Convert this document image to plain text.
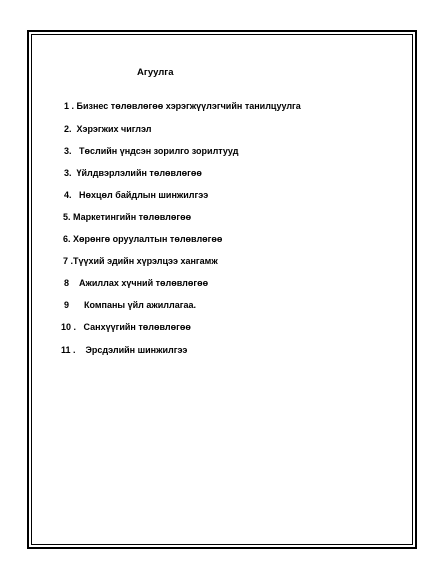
Агуулга
1 . Бизнес төлөвлөгөө хэрэгжүүлэгчийн танилцуулга
2.  Хэрэгжих чиглэл
3.   Төслийн үндсэн зорилго зорилтууд
3.  Үйлдвэрлэлийн төлөвлөгөө
4.   Нөхцөл байдлын шинжилгээ
5. Маркетингийн төлөвлөгөө
6. Хөрөнгө оруулалтын төлөвлөгөө
7 .Түүхий эдийн хүрэлцээ хангамж
8    Ажиллах хүчний төлөвлөгөө
9      Компаны үйл ажиллагаа.
10 .   Санхүүгийн төлөвлөгөө
11 .    Эрсдэлийн шинжилгээ
